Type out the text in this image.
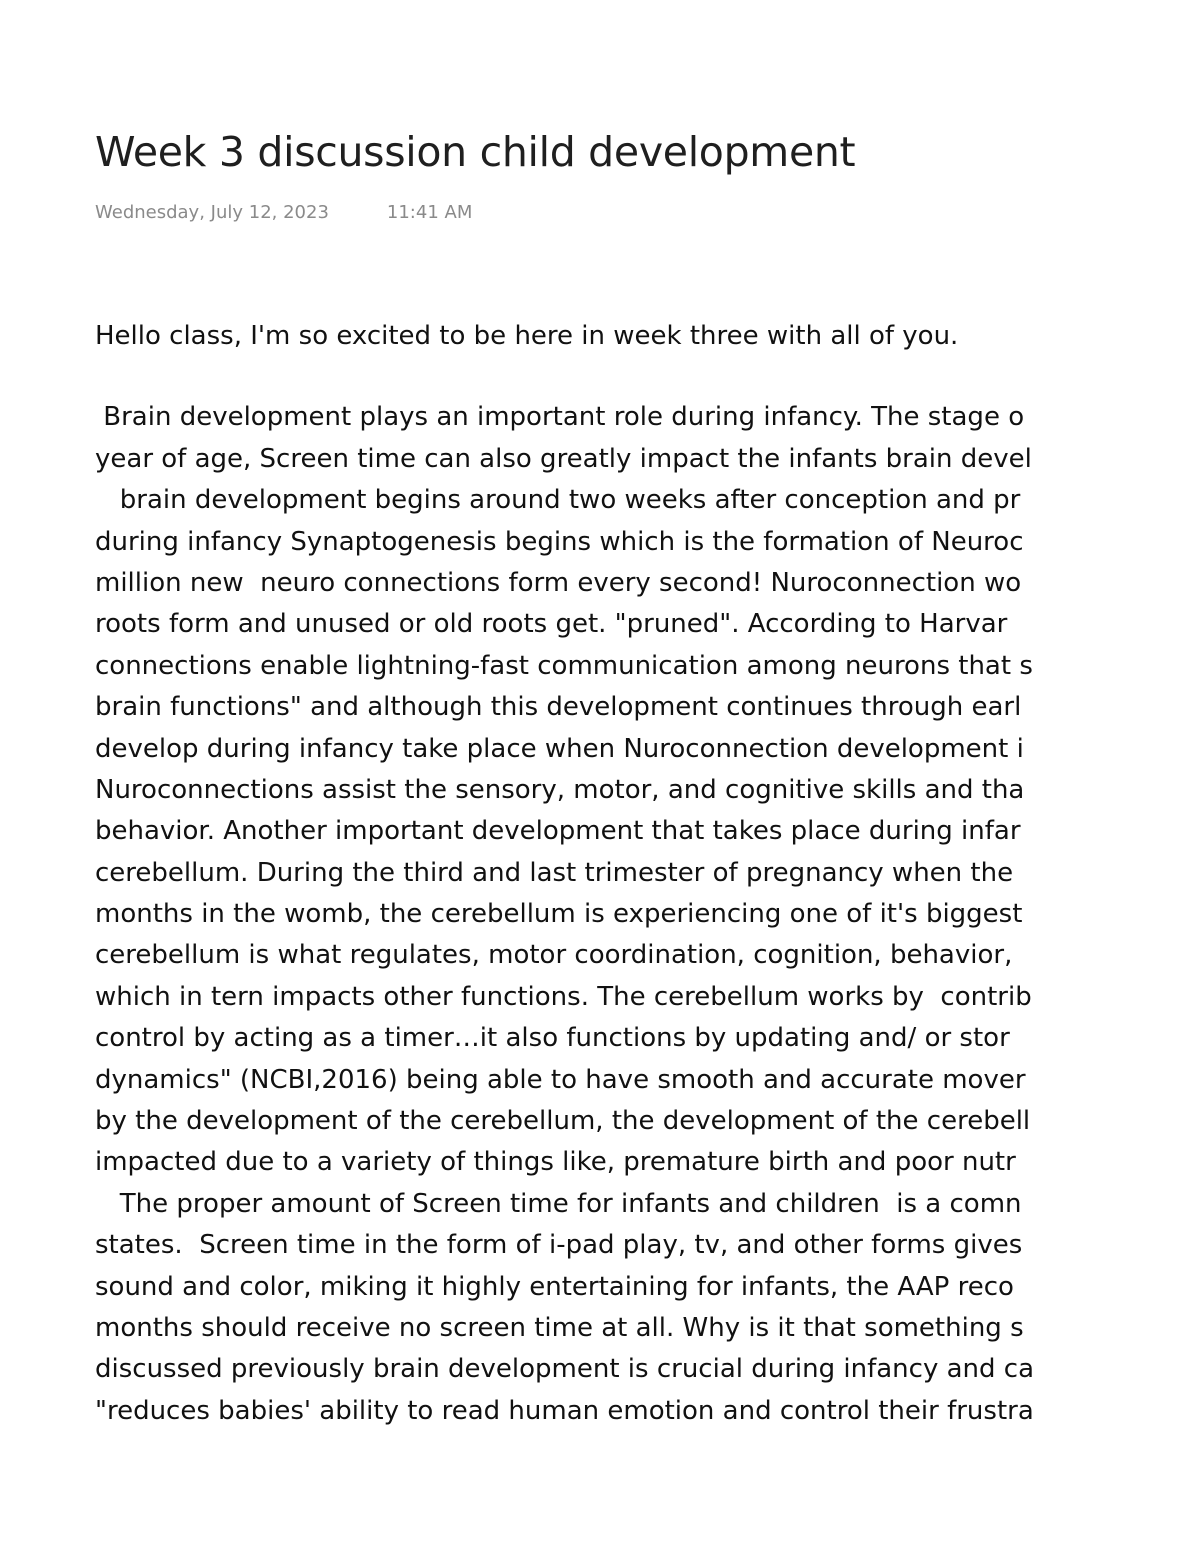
Week 3 discussion child development
Wednesday, July 12, 2023	11:41 AM
Hello class, I'm so excited to be here in week three with all of you.
Brain development plays an important role during infancy. The stage o
year of age, Screen time can also greatly impact the infants brain devel
brain development begins around two weeks after conception and pr
during infancy Synaptogenesis begins which is the formation of Neuroc
million new  neuro connections form every second! Nuroconnection wo
roots form and unused or old roots get. "pruned". According to Harvar
connections enable lightning-fast communication among neurons that s
brain functions" and although this development continues through earl
develop during infancy take place when Nuroconnection development i
Nuroconnections assist the sensory, motor, and cognitive skills and tha
behavior. Another important development that takes place during infar
cerebellum. During the third and last trimester of pregnancy when the
months in the womb, the cerebellum is experiencing one of it's biggest
cerebellum is what regulates, motor coordination, cognition, behavior,
which in tern impacts other functions. The cerebellum works by  contrib
control by acting as a timer…it also functions by updating and/ or stor
dynamics" (NCBI,2016) being able to have smooth and accurate mover
by the development of the cerebellum, the development of the cerebell
impacted due to a variety of things like, premature birth and poor nutr
The proper amount of Screen time for infants and children  is a comn
states.  Screen time in the form of i-pad play, tv, and other forms gives
sound and color, miking it highly entertaining for infants, the AAP reco
months should receive no screen time at all. Why is it that something s
discussed previously brain development is crucial during infancy and ca
"reduces babies' ability to read human emotion and control their frustra
